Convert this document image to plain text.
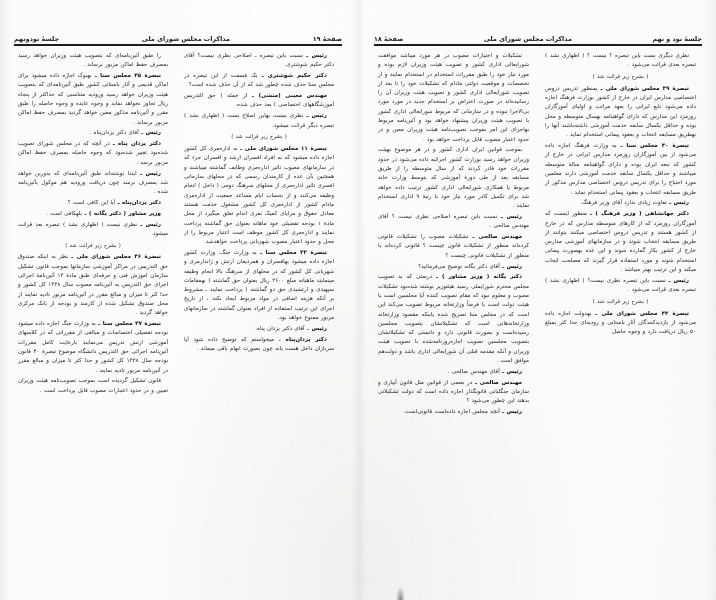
جلسهٔ نود و نهم
مذاکرات مجلس شورای ملی
صفحهٔ ۱۸

نظری دیگری نست باین تبصره ؟ نیست ؟ ( اظهاری نشد ) تبصره بعدی قرائت می‌شود .

( بشرح زیر قرائت شد )

تبصرهٔ ۳۹ مجلس شورای ملی ـ بمنظور تدریس دروس اختصاصی مدارس ایران در خارج از کشور بوزارت فرهنگ اجازه داده می‌شود تابع ایرانی را بعهد مراتب و اولیای آموزگاران روزمزد این مدارس که دارای گواهینامه بهسال متوسطه و محل بوده و حداقل یکسال سابقه خدمت آموزشی داشته‌باشند آنها را بهطریق مسابقه انتخاب و بعقود پیمانی استخدام نماید .

تبصرهٔ ۴۰ مجلس سنا ـ به وزارت فرهنگ اجازه داده می‌شود از بین آموزگاران روزمزد مدارس ایرانی در خارج از کشور که تبعه ایران بوده و دارای گواهینامه سالهٔ متوسطه میباشند و حداقل یکسال سابقه خدمت آموزشی دارند معلمین مورد احتیاج را برای تدریس دروس اختصاصی مدارس مذکور از طریق مسابقه انتخاب و بعقود پیمانی استخدام نماید .

رئیس ـ تفاوت زیادی ندارد آقای وزیر فرهنگ.

دکتر جهانشاهی ( وزیر فرهنگ ) ـ منظور اینست که آموزگاران روزمزد که از کارهای متوسطه مدارس که در خارج از کشور هستند و تدریس دروس اختصاصی میکنند بتوانند از طریق مسابقه انتخاب شوند و در سازمانهای آموزشی مدارس خارج از کشور بکار گمارده شوند و این عده بهصورت پیمانی استخدام شوند و مورد استفاده قرار گیرند که مصلحت ایجاب میکند و این ترتیب بهتر میباشد .

رئیس ـ نسبت باین تبصره نظری نیست؟ ( اظهاری نشد ) تبصره بعدی قرائت می‌شود .

( بشرح زیر قرائت شد )

تبصرهٔ ۴۴ مجلس شورای ملی ـ بهدولت اجازه داده می‌شود از بازدیدکنندگان آثار باستانی و رودیه‌ای حدا کثر بمبلغ ۵۰ ریال دریافت دارد و وجوه حاصل

تشکیلات و اختیارات مصوب در هر مورد میباشد موافقت شورایعالی اداری کشور و تصویب هیئت وزیران لازم بوده و مورد نیاز خود را طبق مقررات استخدام در استخدام نمایند و از تخصصات و موقعیت دولتی مادام که تشکیلات خود را تا بعد از تصویب شورایعالی اداری کشور و تصویب هیئت وزیران آن را رسانیده‌اند در صورت اعتراض بر استخدام جدید در مورد مورد بی‌الاجرا نبوده و در سازمانی که مربوط شورایعالی اداری کشور با تصویب هیئت وزیران پیشنهاد خواهد بود و آئین‌نامه مربوط بهاجرای این امر بموجب تصویب‌نامه هیئت وزیران معین و در حدود اعتبار مصوب قابل پرداخت خواهد بود .

بموجب قوانین ایران اداری کشور و در هر موضوع بهیئت وزیران خواهد رسید بوزارت کشور اجرائیه داده می‌شود در حدود مقررات خود قادر کردند که از سال متوسطه را از طریق مسابقه بعد از طی دورهٔ آموزشی که بتوسط وزارت خانه مربوط یا همکاری شورایعالی اداری کشور ترتیب داده خواهد شد برای تکمیل کادر مورد نیاز خود با رتبهٔ ۹ اداری استخدام نمایند .

رئیس ـ نسبت باین تبصره اصلاحی نظری نیست ؟ آقای مهندس صالحی .

مهندس صالحی ـ تشکیلات مصوب را تشکیلات قانونی کرده‌اند منظور از تشکیلات قانون چیست ؟ قانونی کرده‌اند یا منظور از تشکیلات قانونی چیست ؟

رئیس ـ آقای دکتر یگانه توضیح می‌فرمائید؟

دکتر یگانه ( وزیر مشاور ) ـ درستی که بد تصویب مجلس محترم شورایملی رسید هیئتوزیر نوشته شده‌بود تشکیلات مصوب و معلوم نبود که مقام تصویب کننده آیا مجلسین است یا هیئت دولت است یا فرضاً وزارتخانه مربوط تصویب می‌کند این است که در مجلس سنا تصریح شده یابنکه مقصود وزارتخانه وزارتخانه‌هائی است که تشکیلاتشان بتصویب مجلسین رسیده‌است و بصورت قانونی دارد و دانستی که تشکیلاتشان بتصویب مجلسین تصویب اجازه‌روزنامه‌شده با تصویب هیئت وزیران و آنکه مقدمه قبلی آن شورایعالی اداری باشد و دولت‌هم موافق است .

رئیس ـ آقای مهندس صالحی .

مهندس صالحی ـ در بعضی از قوانین مثل قانون آبیاری و سازمان جنگلبانی قانونگذار اجازه داده است که دولت تشکیلاتی بدهند این چطور می‌شود ؟

رئیس ـ آنچه مجلس اجازه داده‌است قانونی‌است.

صفحهٔ ۱۹
مذاکرات مجلس شورای ملی
جلسهٔ نودونهم

رئیس ـ نسبت باین تبصره ـ اصلاحی نظری نیست؟ آقای دکتر حکیم شوشتری.

دکتر حکیم شوشتری ـ یک قسمت از این تبصره در مجلس سنا حذف شده چطور شد که از آن حذف شده است؟

مهندس معینی (منشی) ـ از جمله ( حق التدریس آموزشگاههای اختصاصی ) بعد حذف شده.

رئیس ـ نظری نیست بهاین اصلاح بست ( اظهاری نشد ) تبصره دیگر قرائت میشود.

( بشرح زیر قرائت شد )

تبصرهٔ ۱۱ مجلس شورای ملی ـ به اداره‌مری کل کشور اجازه داده میشود که به افراد افسران ارشد و افسران جزء که در سازمانهای مصوب تاثیر اداره‌مری وظایف گماشته میباشند و همچنین بآن عده از کارمندان رسمی که در محلهای سازمانی افسری تاثیر اداره‌مری از محلهای سرهنگ دومی ( داخل ) انجام وظیفه می‌کنند و از بحساب ایام مساعد جمعیت از اداره‌مری مادام کشور از اداره‌مری کل کشور مشغول خدمت هستند معادل حقوق و مزایای کمیک نفری اندام تعلق میگیرد از محل مادهٔ ۱ بودجه تفضیلی خود ماهانه بعنوان حق گماشته پرداخت نمایند و اداره‌مری کل کشور موظف است اعتبار مربوط را از محل و حدود اعتبار مصوب شهربانی پرداخت خواهدشد.

تبصرهٔ ۳۳ مجلس سنا ـ به وزارت جنگ، وزارت کشور اجازه داده میشود بهافسران و همردیفان ارتش و ژاندارمری و شهربانی کل کشور که در محلهای از سرهنگ بالا انجام وظیفه مینمایند ماهیانه مبلغ ۲۶۰۰ ریال بعنوان حق گماشته ( بهمقامات سپهبدی و ارتشبدی حق دو گماشته ) پرداخت نمایند ـ مشروط بر آنکه هزینه اضافی در مواد مربوط ایجاد نکند ، از تاریخ اجرای این ترتیب استفاده از افراد بعنوان گماشته در سازمانهای مزبور ممنوع خواهد بود.

رئیس . آقای دکتر یزدان پناه.

دکتر یزدان‌پناه . میخواستم که توضیح داده شود آیا سربازان داخل هست یانه چون بصورت ابهام باقی میماند .

را طبق آئین‌نامه‌ای که بتصویب هیئت وزیران خواهد رسید بمصرف حفظ اماکن مزبور برساند .

تبصرهٔ ۴۵ مجلس سنا ـ بهبوک اجازه داده میشود برای اماکن قدیمی و آثار باستانی کشور طبق آئین‌نامه‌ای که بتصویب هیئت وزیران خواهد رسید ورودیه متناسبی که حداکثر از پنجاه ریال تجاوز نخواهد نماید و وجوه عایده و وجوه حاصله را طبق مقرر و آئین‌نامه مذکور معین خواهد گردید بمصرف حفظ اماکن مزبور برساند .

رئیس ـ آقای دکتر یزدان‌پناه .

دکتر یزدان پناه ـ در آنچه که در مجلس شورای تصویب شده‌بود تغییر شده‌بود که وجوه حاصله بمصرف حفظ اماکن مزبور برسد .

رئیس ـ ابتدا نوشته‌اند طبق آئین‌نامه‌ای که بدوربن خواهد شد بمصرف برسد چون دریافت ورودیه هم موکول بآئین‌نامه شده .

دکتر یزدان‌پناه ـ آیا این کافی است ؟

وزیر مشاور ( دکتر یگانه ) ـ بلهکافی است .

رئیس ـ نظری نیست ( اظهاری نشد ) تبصره بعد قرائت میشود.

( بشرح زیر قرائت شد )

تبصرهٔ ۴۶ مجلس شورای ملی ـ نظر به اینکه صندوق حق التدریس در مراکز آموزشی سازمانها بموجب قانون تشکیل سازمان اموزش فنی و حرفه‌ای طبق مادهٔ ۱۳ آئین‌نامهٔ اجرائی اجرای حق التدریس به آئین‌نامه مصوب سال ۱۳۳۸ کل کشور و حدا کثر تا میزان و مبالغ مقرر در آئین‌نامه مزبور تادیه نمایند از محل صندوق تشکیل شده از کارمند و بودجه از بانک مرکزی خواهد گردید .

تبصرهٔ ۴۷ مجلس سنا ـ به وزارت جنگ اجازه داده میشود بودجه تفضیلی اختصاصات و مبالغی از مقرراتی که در کلاسهای آموزشی ارتش تدریس می‌نمایند بارعایت کامل مقررات آئین‌نامه اجرائی حق التدریس دانشگاه موضوع تبصرهٔ ۴۰ قانون بودجه سال ۱۳۳۸ کل کشور و حدا کثر تا میزان و مبالغ مقرر در آئین‌نامه مزبور تادیه نمایند .

قانون تشکیل گردیده است بموجب تصویب‌نامه هیئت وزیران تعیین و در حدود اعتبارات مصوب قابل پرداخت است .
